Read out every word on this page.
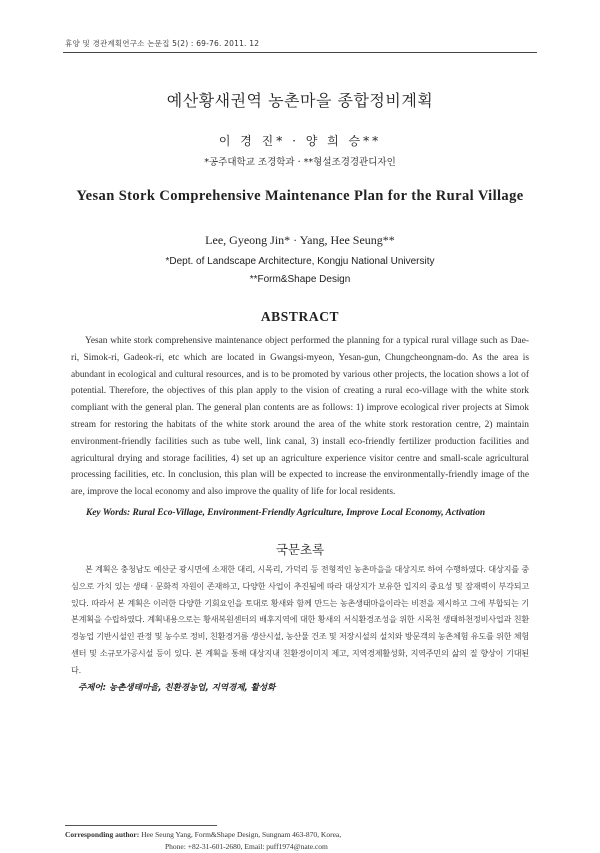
휴양 및 경관계획연구소 논문집 5(2) : 69-76. 2011. 12
예산황새권역 농촌마을 종합정비계획
이 경 진* · 양 희 승**
*공주대학교 조경학과 · **형설조경경관디자인
Yesan Stork Comprehensive Maintenance Plan for the Rural Village
Lee, Gyeong Jin* · Yang, Hee Seung**
*Dept. of Landscape Architecture, Kongju National University
**Form&Shape Design
ABSTRACT

Yesan white stork comprehensive maintenance object performed the planning for a typical rural village such as Dae-ri, Simok-ri, Gadeok-ri, etc which are located in Gwangsi-myeon, Yesan-gun, Chungcheongnam-do. As the area is abundant in ecological and cultural resources, and is to be promoted by various other projects, the location shows a lot of potential. Therefore, the objectives of this plan apply to the vision of creating a rural eco-village with the white stork compliant with the general plan. The general plan contents are as follows: 1) improve ecological river projects at Simok stream for restoring the habitats of the white stork around the area of the white stork restoration centre, 2) maintain environment-friendly facilities such as tube well, link canal, 3) install eco-friendly fertilizer production facilities and agricultural drying and storage facilities, 4) set up an agriculture experience visitor centre and small-scale agricultural processing facilities, etc. In conclusion, this plan will be expected to increase the environmentally-friendly image of the are, improve the local economy and also improve the quality of life for local residents.

Key Words: Rural Eco-Village, Environment-Friendly Agriculture, Improve Local Economy, Activation
국문초록

본 계획은 충청남도 예산군 광시면에 소재한 대리, 시목리, 가덕리 등 전형적인 농촌마을을 대상지로 하여 수행하였다. 대상지를 중심으로 가치 있는 생태 · 문화적 자원이 존재하고, 다양한 사업이 추진됨에 따라 대상지가 보유한 입지의 중요성 및 잠재력이 부각되고 있다. 따라서 본 계획은 이러한 다양한 기회요인을 토대로 황새와 함께 만드는 농촌생태마을이라는 비전을 제시하고 그에 부합되는 기본계획을 수립하였다. 계획내용으로는 황새복원센터의 배후지역에 대한 황새의 서식환경조성을 위한 시목천 생태하천정비사업과 친환경농업 기반시설인 관정 및 농수로 정비, 친환경거름 생산시설, 농산물 건조 및 저장시설의 설치와 방문객의 농촌체험 유도를 위한 체험센터 및 소규모가공시설 등이 있다. 본 계획을 통해 대상지내 친환경이미지 제고, 지역경제활성화, 지역주민의 삶의 질 향상이 기대된다.

주제어: 농촌생태마을, 친환경농업, 지역경제, 활성화
Corresponding author: Hee Seung Yang, Form&Shape Design, Sungnam 463-870, Korea,
Phone: +82-31-601-2680, Email: puff1974@nate.com
